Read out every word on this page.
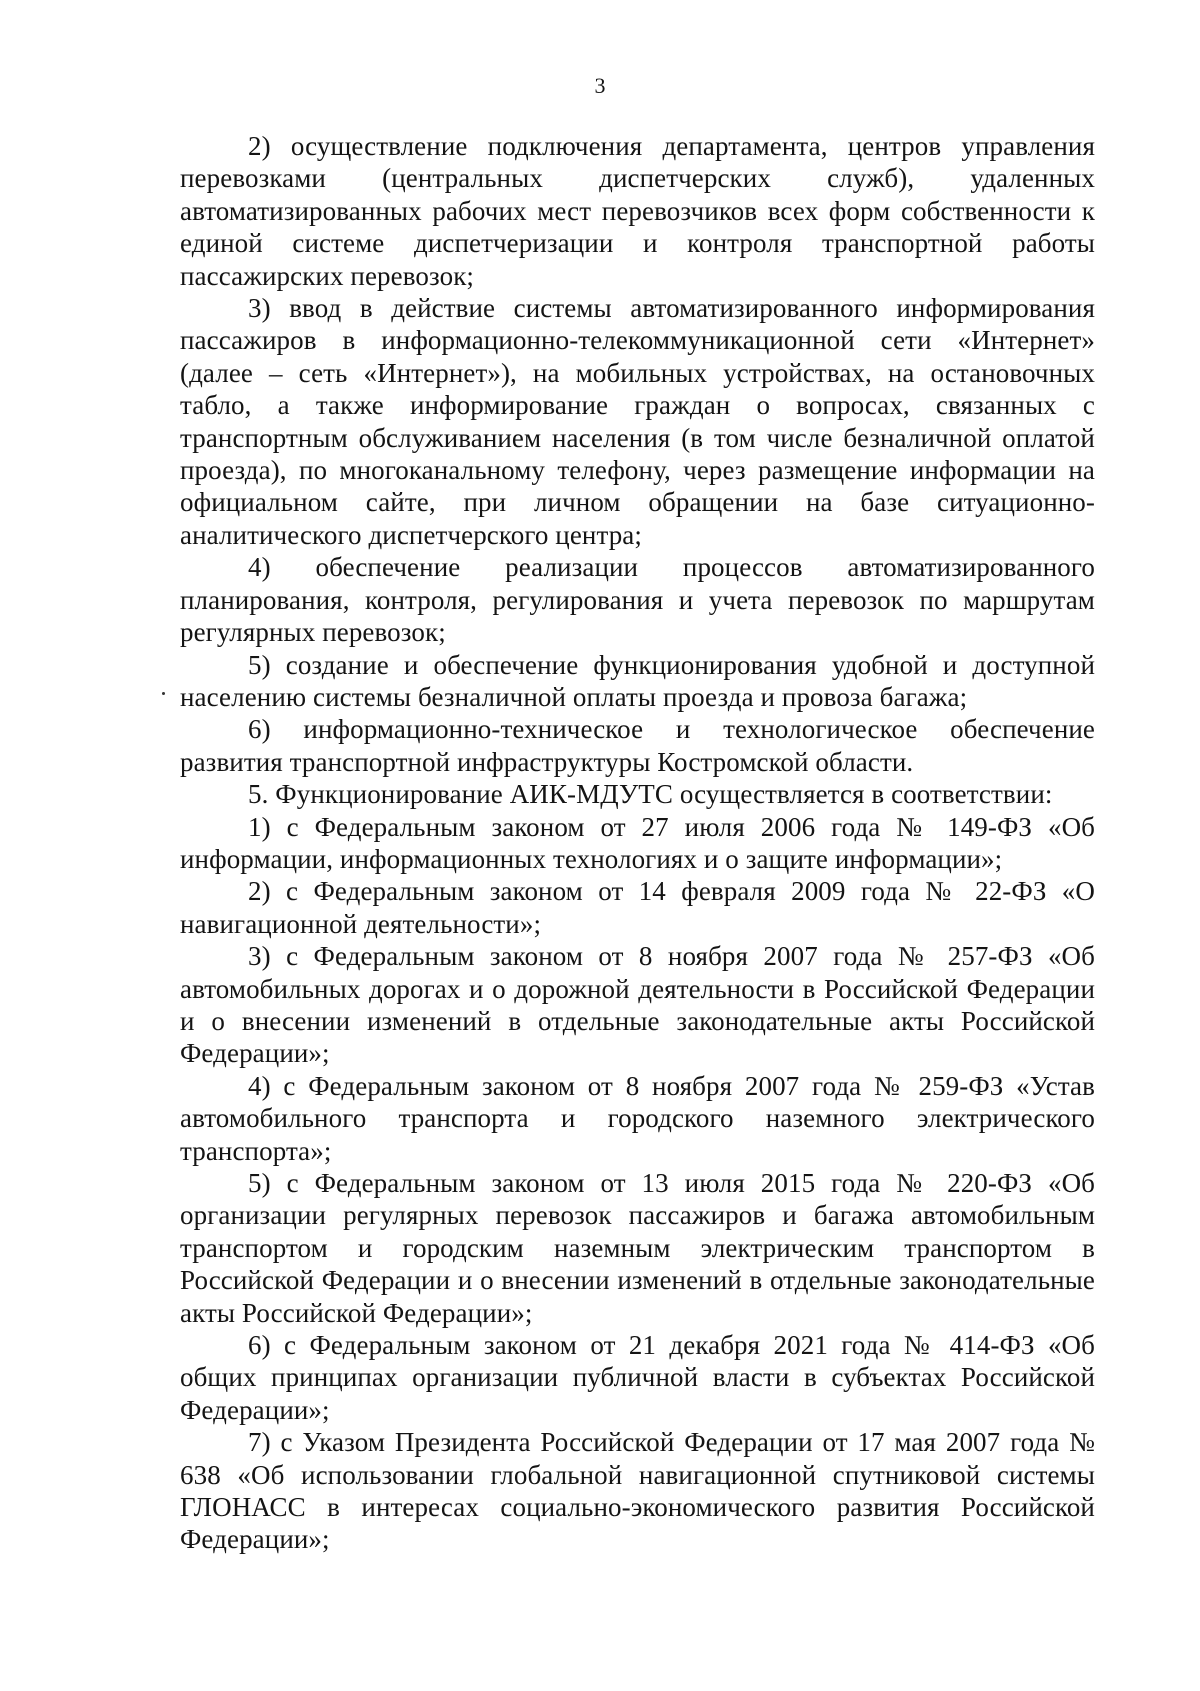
3

2) осуществление подключения департамента, центров управления перевозками (центральных диспетчерских служб), удаленных автоматизированных рабочих мест перевозчиков всех форм собственности к единой системе диспетчеризации и контроля транспортной работы пассажирских перевозок;

3) ввод в действие системы автоматизированного информирования пассажиров в информационно-телекоммуникационной сети «Интернет» (далее – сеть «Интернет»), на мобильных устройствах, на остановочных табло, а также информирование граждан о вопросах, связанных с транспортным обслуживанием населения (в том числе безналичной оплатой проезда), по многоканальному телефону, через размещение информации на официальном сайте, при личном обращении на базе ситуационно-аналитического диспетчерского центра;

4) обеспечение реализации процессов автоматизированного планирования, контроля, регулирования и учета перевозок по маршрутам регулярных перевозок;

5) создание и обеспечение функционирования удобной и доступной населению системы безналичной оплаты проезда и провоза багажа;

6) информационно-техническое и технологическое обеспечение развития транспортной инфраструктуры Костромской области.

5. Функционирование АИК-МДУТС осуществляется в соответствии:

1) с Федеральным законом от 27 июля 2006 года № 149-ФЗ «Об информации, информационных технологиях и о защите информации»;

2) с Федеральным законом от 14 февраля 2009 года № 22-ФЗ «О навигационной деятельности»;

3) с Федеральным законом от 8 ноября 2007 года № 257-ФЗ «Об автомобильных дорогах и о дорожной деятельности в Российской Федерации и о внесении изменений в отдельные законодательные акты Российской Федерации»;

4) с Федеральным законом от 8 ноября 2007 года № 259-ФЗ «Устав автомобильного транспорта и городского наземного электрического транспорта»;

5) с Федеральным законом от 13 июля 2015 года № 220-ФЗ «Об организации регулярных перевозок пассажиров и багажа автомобильным транспортом и городским наземным электрическим транспортом в Российской Федерации и о внесении изменений в отдельные законодательные акты Российской Федерации»;

6) с Федеральным законом от 21 декабря 2021 года № 414-ФЗ «Об общих принципах организации публичной власти в субъектах Российской Федерации»;

7) с Указом Президента Российской Федерации от 17 мая 2007 года № 638 «Об использовании глобальной навигационной спутниковой системы ГЛОНАСС в интересах социально-экономического развития Российской Федерации»;
